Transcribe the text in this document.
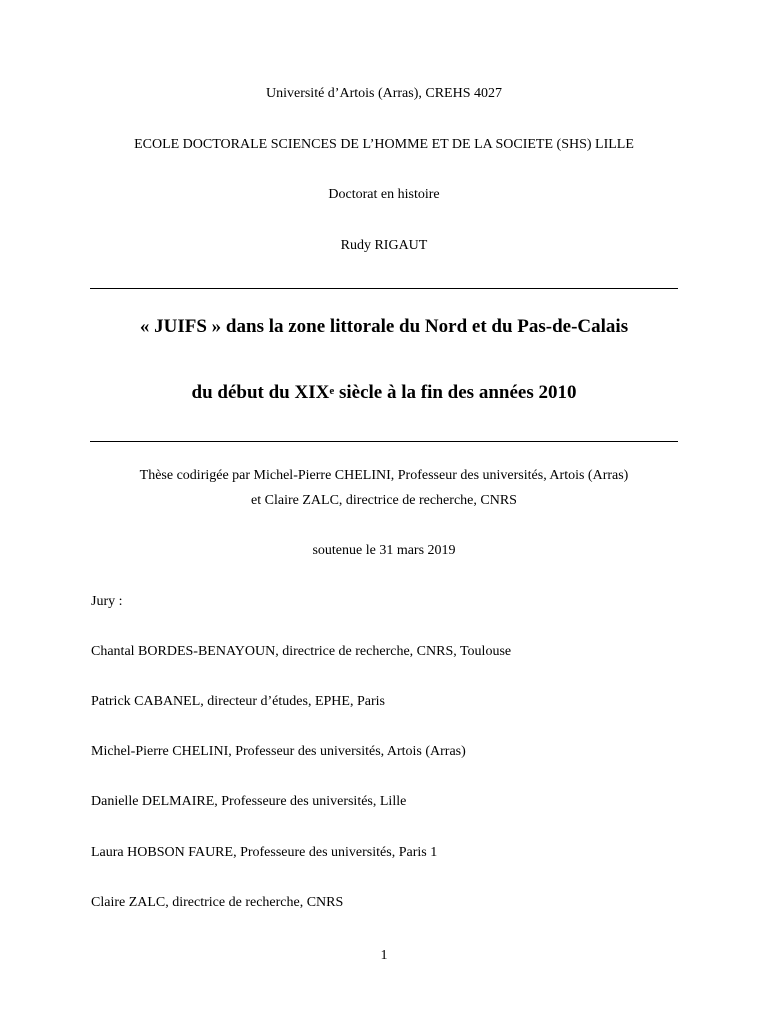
Université d’Artois (Arras), CREHS 4027
ECOLE DOCTORALE SCIENCES DE L’HOMME ET DE LA SOCIETE (SHS) LILLE
Doctorat en histoire
Rudy RIGAUT
« JUIFS » dans la zone littorale du Nord et du Pas-de-Calais
du début du XIXe siècle à la fin des années 2010
Thèse codirigée par Michel-Pierre CHELINI, Professeur des universités, Artois (Arras)
et Claire ZALC, directrice de recherche, CNRS
soutenue le 31 mars 2019
Jury :
Chantal BORDES-BENAYOUN, directrice de recherche, CNRS, Toulouse
Patrick CABANEL, directeur d’études, EPHE, Paris
Michel-Pierre CHELINI, Professeur des universités, Artois (Arras)
Danielle DELMAIRE, Professeure des universités, Lille
Laura HOBSON FAURE, Professeure des universités, Paris 1
Claire ZALC, directrice de recherche, CNRS
1
